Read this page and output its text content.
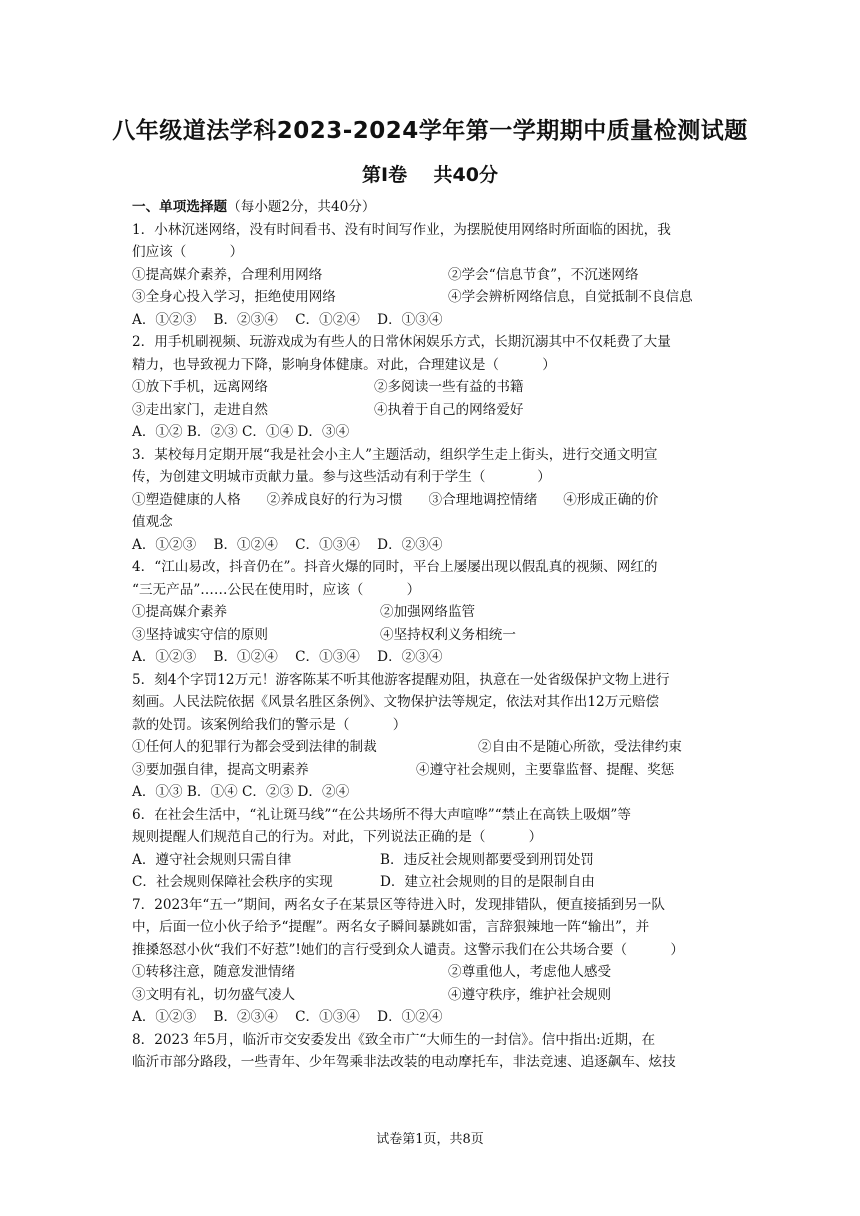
八年级道法学科2023-2024学年第一学期期中质量检测试题
第Ⅰ卷    共40分
一、单项选择题（每小题2分，共40分）
1．小林沉迷网络，没有时间看书、没有时间写作业，为摆脱使用网络时所面临的困扰，我
们应该（          ）
①提高媒介素养，合理利用网络	②学会“信息节食”，不沉迷网络
③全身心投入学习，拒绝使用网络	④学会辨析网络信息，自觉抵制不良信息
A．①②③    B．②③④    C．①②④    D．①③④
2．用手机刷视频、玩游戏成为有些人的日常休闲娱乐方式，长期沉溺其中不仅耗费了大量
精力，也导致视力下降，影响身体健康。对此，合理建议是（          ）
①放下手机，远离网络	②多阅读一些有益的书籍
③走出家门，走进自然	④执着于自己的网络爱好
A．①② B．②③ C．①④ D．③④
3．某校每月定期开展“我是社会小主人”主题活动，组织学生走上街头，进行交通文明宣
传，为创建文明城市贡献力量。参与这些活动有利于学生（            ）
①塑造健康的人格      ②养成良好的行为习惯      ③合理地调控情绪      ④形成正确的价
值观念
A．①②③    B．①②④    C．①③④    D．②③④
4．“江山易改，抖音仍在”。抖音火爆的同时，平台上屡屡出现以假乱真的视频、网红的
“三无产品”……公民在使用时，应该（          ）
①提高媒介素养	②加强网络监管
③坚持诚实守信的原则	④坚持权利义务相统一
A．①②③    B．①②④    C．①③④    D．②③④
5．刻4个字罚12万元！游客陈某不听其他游客提醒劝阻，执意在一处省级保护文物上进行
刻画。人民法院依据《风景名胜区条例》、文物保护法等规定，依法对其作出12万元赔偿
款的处罚。该案例给我们的警示是（          ）
①任何人的犯罪行为都会受到法律的制裁	②自由不是随心所欲，受法律约束
③要加强自律，提高文明素养	④遵守社会规则，主要靠监督、提醒、奖惩
A．①③ B．①④ C．②③ D．②④
6．在社会生活中，“礼让斑马线”“在公共场所不得大声喧哗”“禁止在高铁上吸烟”等
规则提醒人们规范自己的行为。对此，下列说法正确的是（          ）
A．遵守社会规则只需自律	B．违反社会规则都要受到刑罚处罚
C．社会规则保障社会秩序的实现	D．建立社会规则的目的是限制自由
7．2023年“五一”期间，两名女子在某景区等待进入时，发现排错队，便直接插到另一队
中，后面一位小伙子给予“提醒”。两名女子瞬间暴跳如雷，言辞狠辣地一阵“输出”，并
推搡怒怼小伙“我们不好惹”!她们的言行受到众人谴责。这警示我们在公共场合要（          ）
①转移注意，随意发泄情绪	②尊重他人，考虑他人感受
③文明有礼，切勿盛气凌人	④遵守秩序，维护社会规则
A．①②③    B．②③④    C．①③④    D．①②④
8．2023 年5月，临沂市交安委发出《致全市广“大师生的一封信》。信中指出:近期，在
临沂市部分路段，一些青年、少年驾乘非法改装的电动摩托车，非法竞速、追逐飙车、炫技
试卷第1页，共8页
